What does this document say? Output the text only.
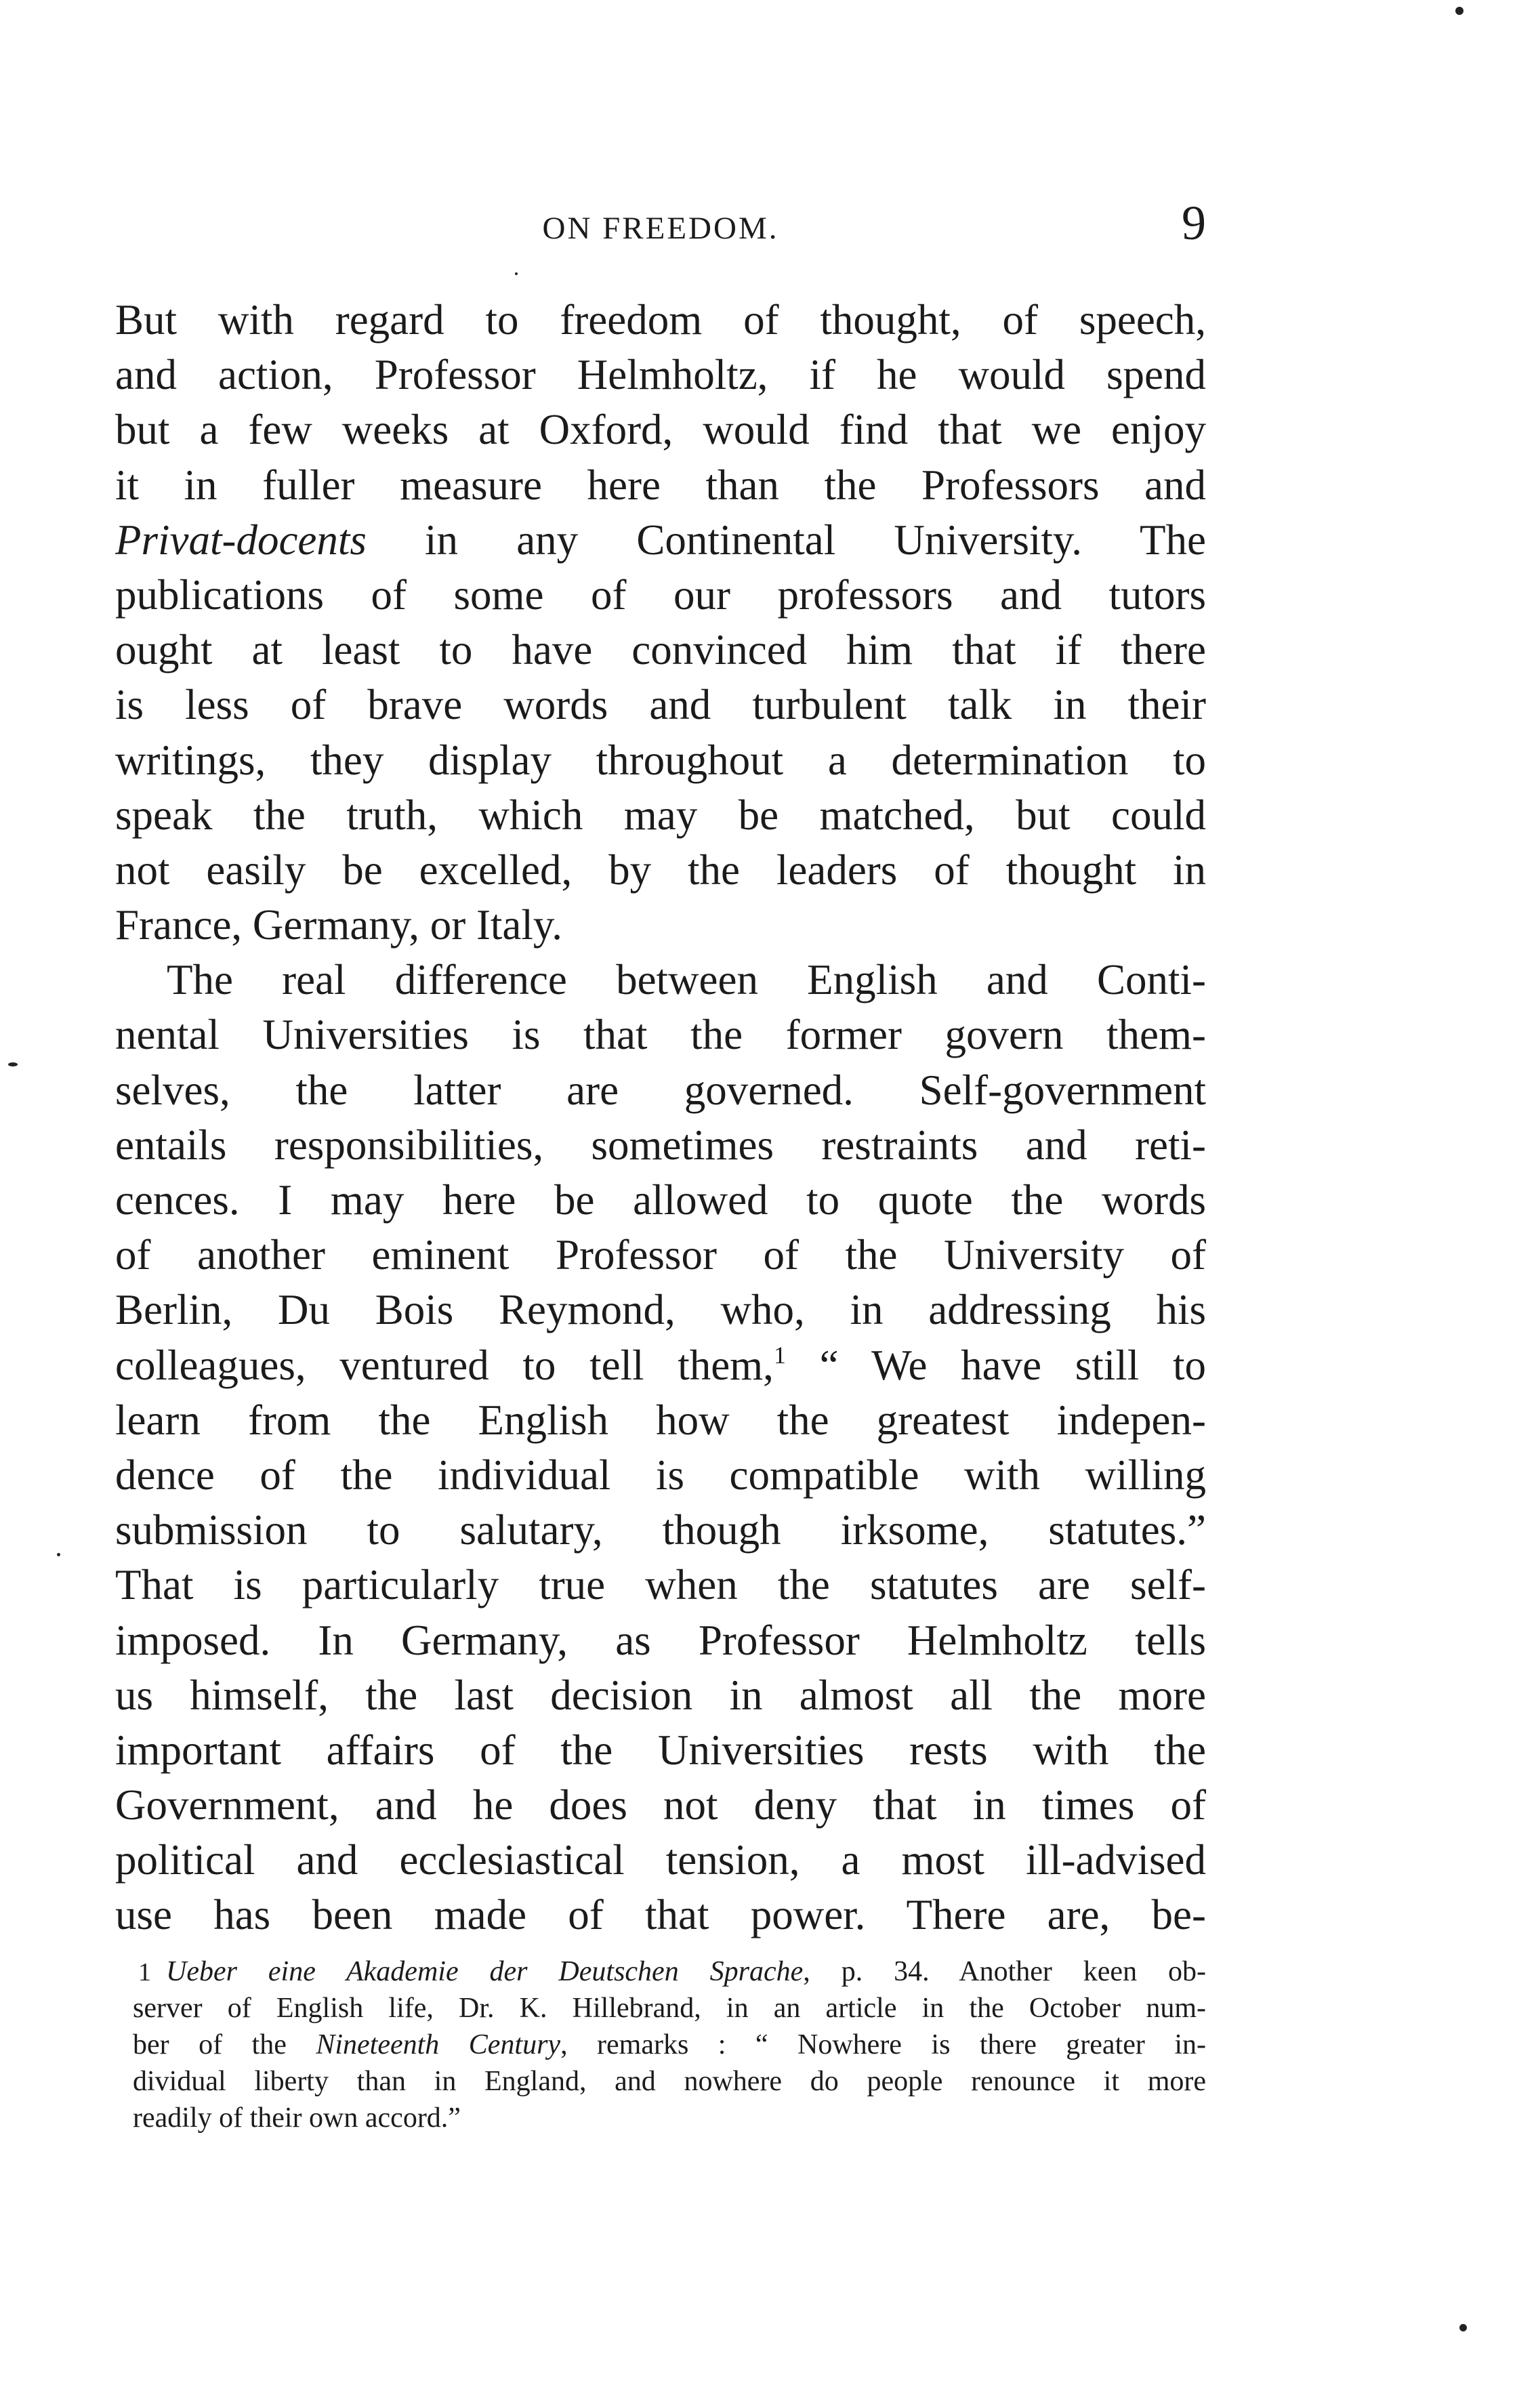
ON FREEDOM.	9
But with regard to freedom of thought, of speech,
and action, Professor Helmholtz, if he would spend
but a few weeks at Oxford, would find that we enjoy
it in fuller measure here than the Professors and
Privat-docents in any Continental University. The
publications of some of our professors and tutors
ought at least to have convinced him that if there
is less of brave words and turbulent talk in their
writings, they display throughout a determination to
speak the truth, which may be matched, but could
not easily be excelled, by the leaders of thought in
France, Germany, or Italy.
The real difference between English and Conti-
nental Universities is that the former govern them-
selves, the latter are governed. Self-government
entails responsibilities, sometimes restraints and reti-
cences. I may here be allowed to quote the words
of another eminent Professor of the University of
Berlin, Du Bois Reymond, who, in addressing his
colleagues, ventured to tell them,$^1$ “ We have still to
learn from the English how the greatest indepen-
dence of the individual is compatible with willing
submission to salutary, though irksome, statutes.”
That is particularly true when the statutes are self-
imposed. In Germany, as Professor Helmholtz tells
us himself, the last decision in almost all the more
important affairs of the Universities rests with the
Government, and he does not deny that in times of
political and ecclesiastical tension, a most ill-advised
use has been made of that power. There are, be-
1 Ueber eine Akademie der Deutschen Sprache, p. 34. Another keen ob-
server of English life, Dr. K. Hillebrand, in an article in the October num-
ber of the Nineteenth Century, remarks : “ Nowhere is there greater in-
dividual liberty than in England, and nowhere do people renounce it more
readily of their own accord.”
